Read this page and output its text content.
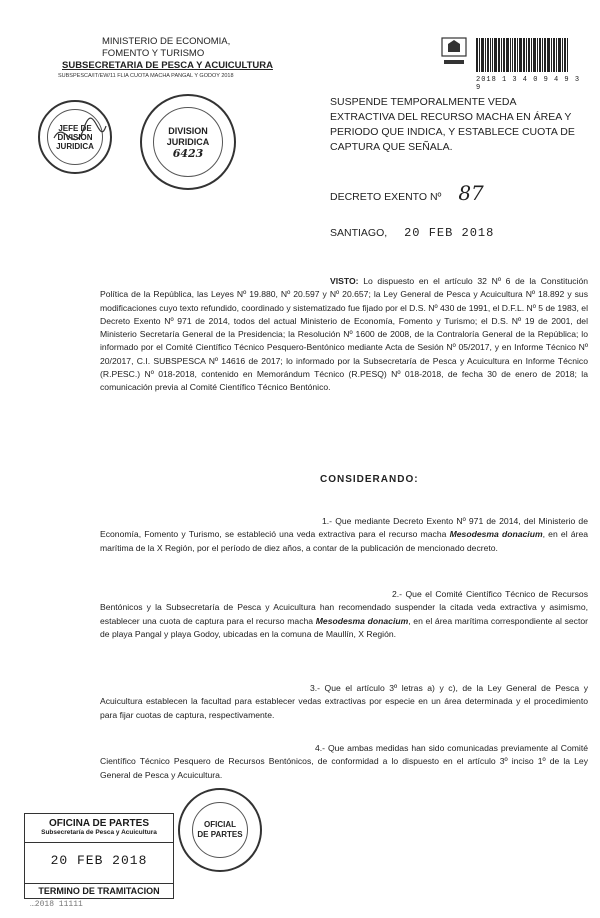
MINISTERIO DE ECONOMIA,
FOMENTO Y TURISMO
SUBSECRETARIA DE PESCA Y ACUICULTURA
SUBSPESCA/IT/EW/11 FLIA CUOTA MACHA PANGAL Y GODOY 2018	2018 1 3 4 0 9 4 9 3 9
JEFE DE
DIVISION
JURIDICA
DIVISION
JURIDICA
6423
SUSPENDE TEMPORALMENTE VEDA EXTRACTIVA DEL RECURSO MACHA EN ÁREA Y PERIODO QUE INDICA, Y ESTABLECE CUOTA DE CAPTURA QUE SEÑALA.
DECRETO EXENTO Nº 87
SANTIAGO, 20 FEB 2018
VISTO: Lo dispuesto en el artículo 32 Nº 6 de la Constitución Política de la República, las Leyes Nº 19.880, Nº 20.597 y Nº 20.657; la Ley General de Pesca y Acuicultura Nº 18.892 y sus modificaciones cuyo texto refundido, coordinado y sistematizado fue fijado por el D.S. Nº 430 de 1991, el D.F.L. Nº 5 de 1983, el Decreto Exento Nº 971 de 2014, todos del actual Ministerio de Economía, Fomento y Turismo; el D.S. Nº 19 de 2001, del Ministerio Secretaría General de la Presidencia; la Resolución Nº 1600 de 2008, de la Contraloría General de la República; lo informado por el Comité Científico Técnico Pesquero-Bentónico mediante Acta de Sesión Nº 05/2017, y en Informe Técnico Nº 20/2017, C.I. SUBSPESCA Nº 14616 de 2017; lo informado por la Subsecretaría de Pesca y Acuicultura en Informe Técnico (R.PESC.) Nº 018-2018, contenido en Memorándum Técnico (R.PESQ) Nº 018-2018, de fecha 30 de enero de 2018; la comunicación previa al Comité Científico Técnico Bentónico.
CONSIDERANDO:
1.- Que mediante Decreto Exento Nº 971 de 2014, del Ministerio de Economía, Fomento y Turismo, se estableció una veda extractiva para el recurso macha Mesodesma donacium, en el área marítima de la X Región, por el período de diez años, a contar de la publicación de mencionado decreto.
2.- Que el Comité Científico Técnico de Recursos Bentónicos y la Subsecretaría de Pesca y Acuicultura han recomendado suspender la citada veda extractiva y asimismo, establecer una cuota de captura para el recurso macha Mesodesma donacium, en el área marítima correspondiente al sector de playa Pangal y playa Godoy, ubicadas en la comuna de Maullín, X Región.
3.- Que el artículo 3º letras a) y c), de la Ley General de Pesca y Acuicultura establecen la facultad para establecer vedas extractivas por especie en un área determinada y el procedimiento para fijar cuotas de captura, respectivamente.
4.- Que ambas medidas han sido comunicadas previamente al Comité Científico Técnico Pesquero de Recursos Bentónicos, de conformidad a lo dispuesto en el artículo 3º inciso 1º de la Ley General de Pesca y Acuicultura.
OFICINA DE PARTES
Subsecretaría de Pesca y Acuicultura
20 FEB 2018
TERMINO DE TRAMITACION
OFICIAL
DE PARTES
…2018 11111
